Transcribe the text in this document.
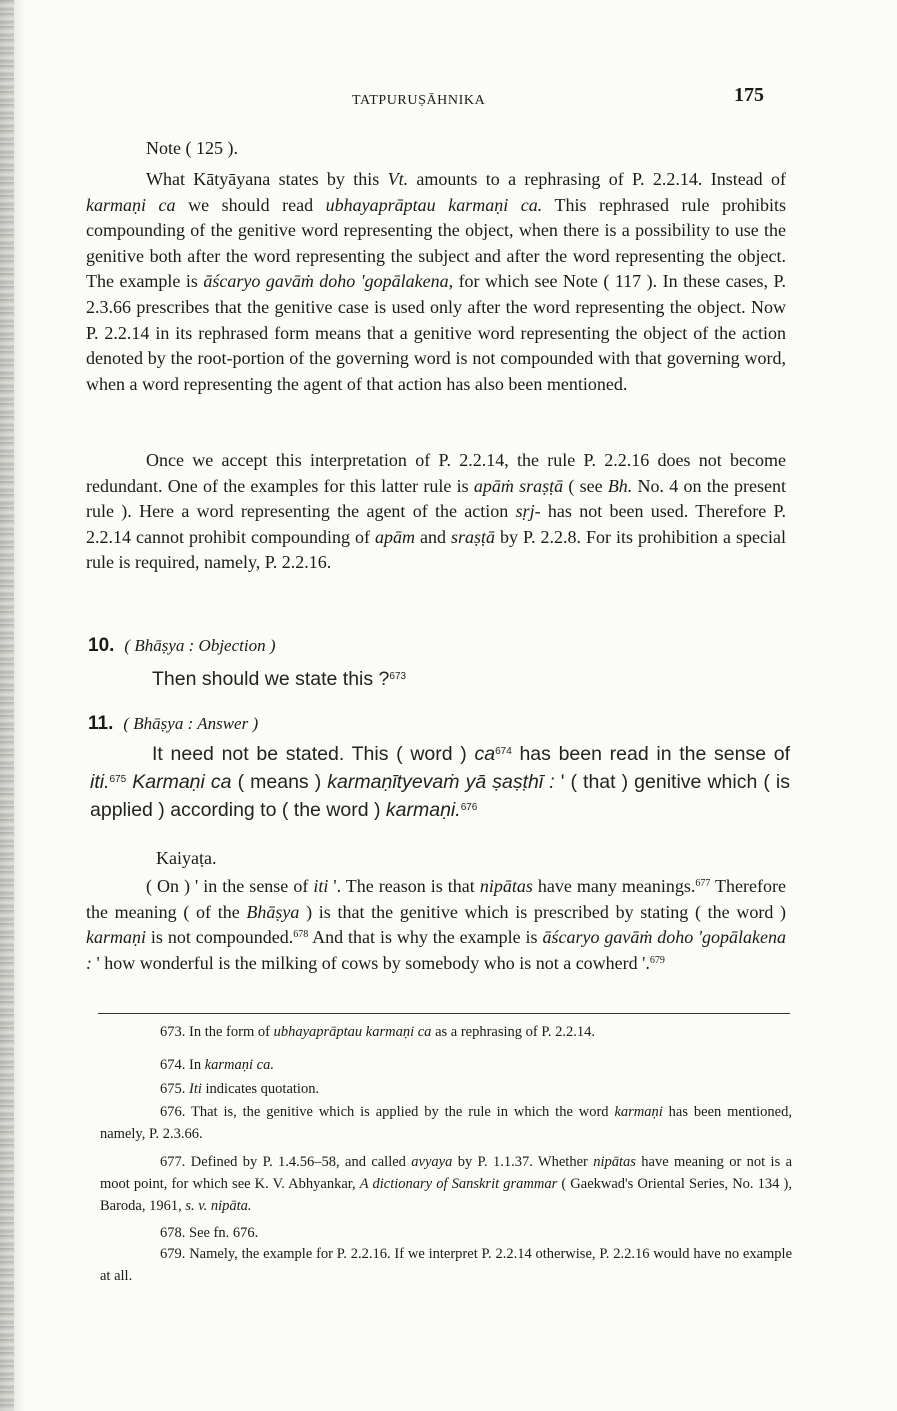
TATPURUṢĀHNIKA	175
Note ( 125 ).

What Kātyāyana states by this Vt. amounts to a rephrasing of P. 2.2.14. Instead of karmaṇi ca we should read ubhayaprāptau karmaṇi ca. This rephrased rule prohibits compounding of the genitive word representing the object, when there is a possibility to use the genitive both after the word representing the subject and after the word representing the object. The example is āścaryo gavāṁ doho 'gopālakena, for which see Note ( 117 ). In these cases, P. 2.3.66 prescribes that the genitive case is used only after the word representing the object. Now P. 2.2.14 in its rephrased form means that a genitive word representing the object of the action denoted by the root-portion of the governing word is not compounded with that governing word, when a word representing the agent of that action has also been mentioned.

Once we accept this interpretation of P. 2.2.14, the rule P. 2.2.16 does not become redundant. One of the examples for this latter rule is apāṁ sraṣṭā ( see Bh. No. 4 on the present rule ). Here a word representing the agent of the action sṛj- has not been used. Therefore P. 2.2.14 cannot prohibit compounding of apām and sraṣṭā by P. 2.2.8. For its prohibition a special rule is required, namely, P. 2.2.16.

10. ( Bhāṣya : Objection )
Then should we state this ?$^{673}$
11. ( Bhāṣya : Answer )
It need not be stated. This ( word ) $ca^{674}$ has been read in the sense of iti.$^{675}$ Karmaṇi ca ( means ) karmaṇītyevaṁ yā ṣaṣṭhī : ' ( that ) genitive which ( is applied ) according to ( the word ) karmaṇi.$^{676}$
Kaiyaṭa.

( On ) ' in the sense of iti '. The reason is that nipātas have many meanings.$^{677}$ Therefore the meaning ( of the Bhāṣya ) is that the genitive which is prescribed by stating ( the word ) karmaṇi is not compounded.$^{678}$ And that is why the example is āścaryo gavāṁ doho 'gopālakena : ' how wonderful is the milking of cows by somebody who is not a cowherd '.$^{679}$

673. In the form of ubhayaprāptau karmaṇi ca as a rephrasing of P. 2.2.14.

674. In karmaṇi ca.

675. Iti indicates quotation.

676. That is, the genitive which is applied by the rule in which the word karmaṇi has been mentioned, namely, P. 2.3.66.

677. Defined by P. 1.4.56–58, and called avyaya by P. 1.1.37. Whether nipātas have meaning or not is a moot point, for which see K. V. Abhyankar, A dictionary of Sanskrit grammar ( Gaekwad's Oriental Series, No. 134 ), Baroda, 1961, s. v. nipāta.

678. See fn. 676.

679. Namely, the example for P. 2.2.16. If we interpret P. 2.2.14 otherwise, P. 2.2.16 would have no example at all.
